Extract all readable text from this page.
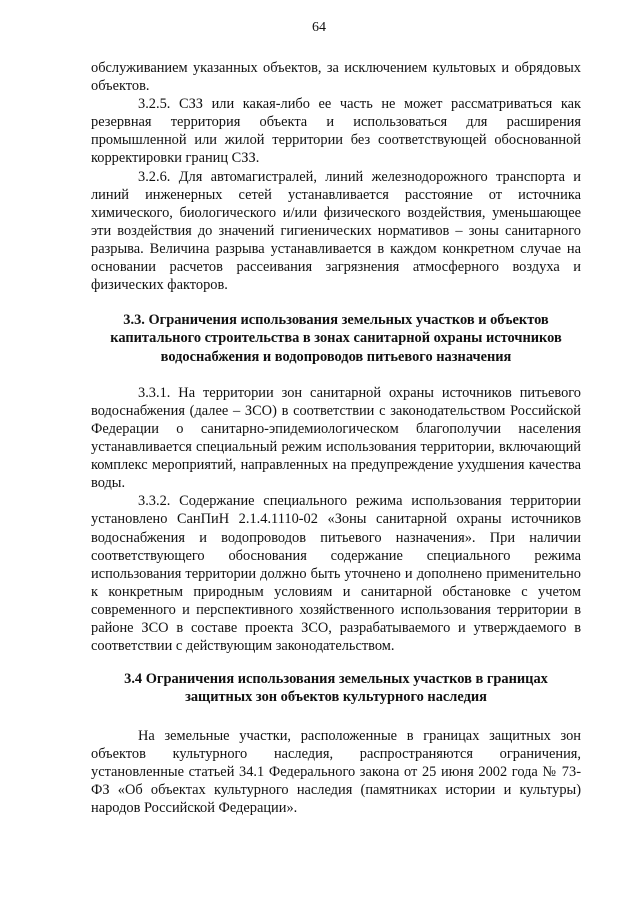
64

обслуживанием указанных объектов, за исключением культовых и обрядовых объектов.

3.2.5. СЗЗ или какая-либо ее часть не может рассматриваться как резервная территория объекта и использоваться для расширения промышленной или жилой территории без соответствующей обоснованной корректировки границ СЗЗ.

3.2.6. Для автомагистралей, линий железнодорожного транспорта и линий инженерных сетей устанавливается расстояние от источника химического, биологического и/или физического воздействия, уменьшающее эти воздействия до значений гигиенических нормативов – зоны санитарного разрыва. Величина разрыва устанавливается в каждом конкретном случае на основании расчетов рассеивания загрязнения атмосферного воздуха и физических факторов.

3.3. Ограничения использования земельных участков и объектов капитального строительства в зонах санитарной охраны источников водоснабжения и водопроводов питьевого назначения

3.3.1. На территории зон санитарной охраны источников питьевого водоснабжения (далее – ЗСО) в соответствии с законодательством Российской Федерации о санитарно-эпидемиологическом благополучии населения устанавливается специальный режим использования территории, включающий комплекс мероприятий, направленных на предупреждение ухудшения качества воды.

3.3.2. Содержание специального режима использования территории установлено СанПиН 2.1.4.1110-02 «Зоны санитарной охраны источников водоснабжения и водопроводов питьевого назначения». При наличии соответствующего обоснования содержание специального режима использования территории должно быть уточнено и дополнено применительно к конкретным природным условиям и санитарной обстановке с учетом современного и перспективного хозяйственного использования территории в районе ЗСО в составе проекта ЗСО, разрабатываемого и утверждаемого в соответствии с действующим законодательством.

3.4 Ограничения использования земельных участков в границах защитных зон объектов культурного наследия

На земельные участки, расположенные в границах защитных зон объектов культурного наследия, распространяются ограничения, установленные статьей 34.1 Федерального закона от 25 июня 2002 года № 73-ФЗ «Об объектах культурного наследия (памятниках истории и культуры) народов Российской Федерации».
